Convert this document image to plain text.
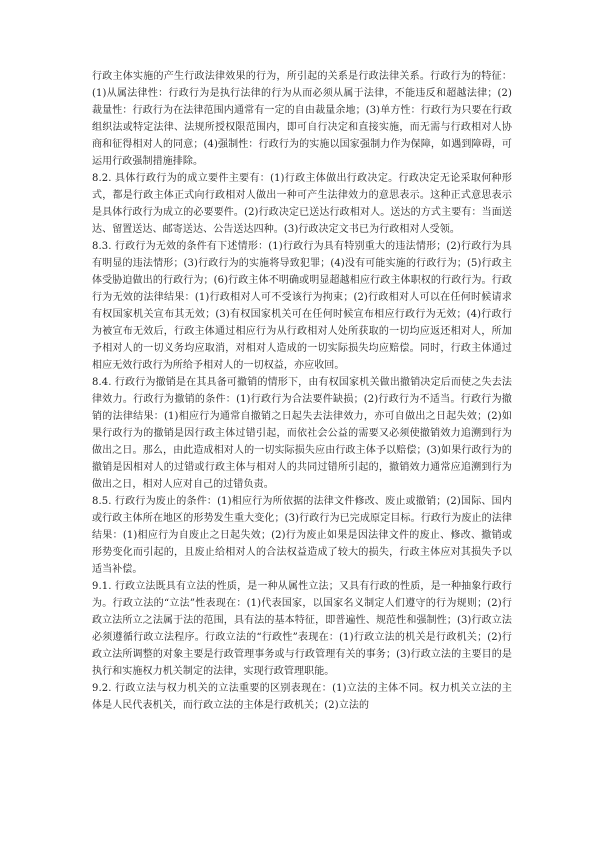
行政主体实施的产生行政法律效果的行为，所引起的关系是行政法律关系。行政行为的特征：(1)从属法律性：行政行为是执行法律的行为从而必须从属于法律，不能违反和超越法律；(2)裁量性：行政行为在法律范围内通常有一定的自由裁量余地；(3)单方性：行政行为只要在行政组织法或特定法律、法规所授权限范围内，即可自行决定和直接实施，而无需与行政相对人协商和征得相对人的同意；(4)强制性：行政行为的实施以国家强制力作为保障，如遇到障碍，可运用行政强制措施排除。

8.2. 具体行政行为的成立要件主要有：(1)行政主体做出行政决定。行政决定无论采取何种形式，都是行政主体正式向行政相对人做出一种可产生法律效力的意思表示。这种正式意思表示是具体行政行为成立的必要要件。(2)行政决定已送达行政相对人。送达的方式主要有：当面送达、留置送达、邮寄送达、公告送达四种。(3)行政决定文书已为行政相对人受领。

8.3. 行政行为无效的条件有下述情形：(1)行政行为具有特别重大的违法情形；(2)行政行为具有明显的违法情形；(3)行政行为的实施将导致犯罪；(4)没有可能实施的行政行为；(5)行政主体受胁迫做出的行政行为；(6)行政主体不明确或明显超越相应行政主体职权的行政行为。行政行为无效的法律结果：(1)行政相对人可不受该行为拘束；(2)行政相对人可以在任何时候请求有权国家机关宣布其无效；(3)有权国家机关可在任何时候宣布相应行政行为无效；(4)行政行为被宣布无效后，行政主体通过相应行为从行政相对人处所获取的一切均应返还相对人，所加予相对人的一切义务均应取消，对相对人造成的一切实际损失均应赔偿。同时，行政主体通过相应无效行政行为所给予相对人的一切权益，亦应收回。

8.4. 行政行为撤销是在其具备可撤销的情形下，由有权国家机关做出撤销决定后而使之失去法律效力。行政行为撤销的条件：(1)行政行为合法要件缺损；(2)行政行为不适当。行政行为撤销的法律结果：(1)相应行为通常自撤销之日起失去法律效力，亦可自做出之日起失效；(2)如果行政行为的撤销是因行政主体过错引起，而依社会公益的需要又必须使撤销效力追溯到行为做出之日。那么，由此造成相对人的一切实际损失应由行政主体予以赔偿；(3)如果行政行为的撤销是因相对人的过错或行政主体与相对人的共同过错所引起的，撤销效力通常应追溯到行为做出之日，相对人应对自己的过错负责。

8.5. 行政行为废止的条件：(1)相应行为所依据的法律文件修改、废止或撤销；(2)国际、国内或行政主体所在地区的形势发生重大变化；(3)行政行为已完成原定目标。行政行为废止的法律结果：(1)相应行为自废止之日起失效；(2)行为废止如果是因法律文件的废止、修改、撤销或形势变化而引起的，且废止给相对人的合法权益造成了较大的损失，行政主体应对其损失予以适当补偿。

9.1. 行政立法既具有立法的性质，是一种从属性立法；又具有行政的性质，是一种抽象行政行为。行政立法的“立法”性表现在：(1)代表国家，以国家名义制定人们遵守的行为规则；(2)行政立法所立之法属于法的范围，具有法的基本特征，即普遍性、规范性和强制性；(3)行政立法必须遵循行政立法程序。行政立法的“行政性”表现在：(1)行政立法的机关是行政机关；(2)行政立法所调整的对象主要是行政管理事务或与行政管理有关的事务；(3)行政立法的主要目的是执行和实施权力机关制定的法律，实现行政管理职能。

9.2. 行政立法与权力机关的立法重要的区别表现在：(1)立法的主体不同。权力机关立法的主体是人民代表机关，而行政立法的主体是行政机关；(2)立法的
